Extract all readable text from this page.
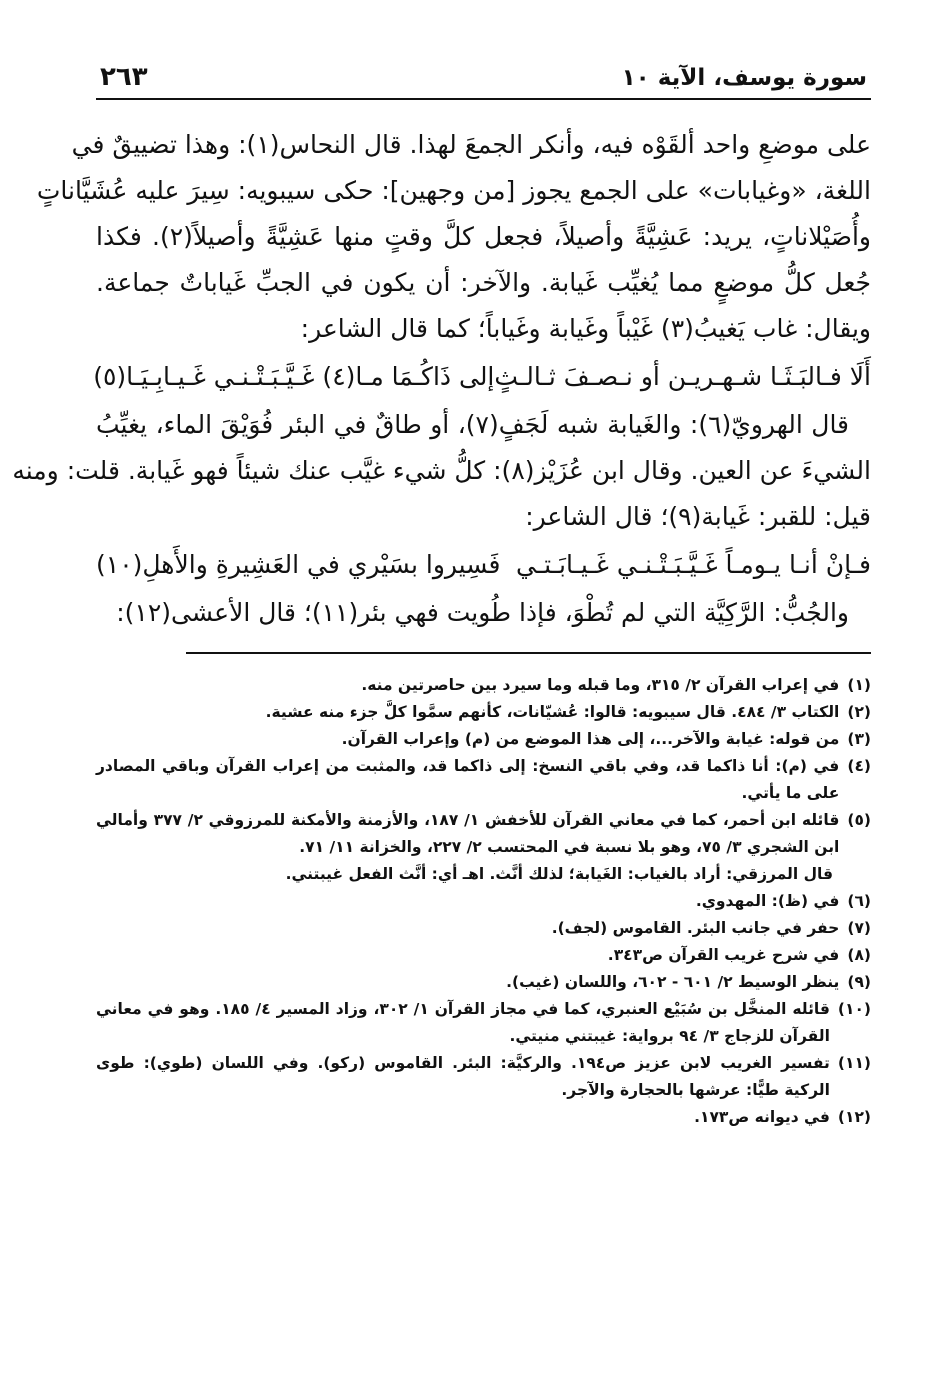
سورة يوسف، الآية ١٠
٢٦٣
على موضعِ واحد ألقَوْه فيه، وأنكر الجمعَ لهذا. قال النحاس(١): وهذا تضييقٌ في
اللغة، «وغيابات» على الجمع يجوز [من وجهين]: حكى سيبويه: سِيرَ عليه عُشَيَّاناتٍ
وأُصَيْلاناتٍ، يريد: عَشِيَّةً وأصيلاً، فجعل كلَّ وقتٍ منها عَشِيَّةً وأصيلاً(٢). فكذا
جُعل كلُّ موضعٍ مما يُغيِّب غَيابة. والآخر: أن يكون في الجبِّ غَياباتٌ جماعة.
ويقال: غاب يَغيبُ(٣) غَيْباً وغَيابة وغَياباً؛ كما قال الشاعر:
أَلَا فـالبَـثَـا شـهـريـن أو نـصـفَ ثـالـثٍ
إلى ذَاكُـمَا مـا(٤) غَـيَّـبَـتْـنـي غَـيـابِـيَـا(٥)
قال الهرويّ(٦): والغَيابة شبه لَجَفٍ(٧)، أو طاقٌ في البئر فُوَيْقَ الماء، يغيِّبُ
الشيءَ عن العين. وقال ابن عُزَيْز(٨): كلُّ شيء غيَّب عنك شيئاً فهو غَيابة. قلت: ومنه
قيل: للقبر: غَيابة(٩)؛ قال الشاعر:
فـإنْ أنـا يـومـاً غَـيَّـبَـتْـنـي غَـيـابَـتـي
فَسِيروا بسَيْري في العَشِيرةِ والأَهلِ(١٠)
والجُبُّ: الرَّكِيَّة التي لم تُطْوَ، فإذا طُويت فهي بئر(١١)؛ قال الأعشى(١٢):
(١)
في إعراب القرآن ٢/ ٣١٥، وما قبله وما سيرد بين حاصرتين منه.
(٢)
الكتاب ٣/ ٤٨٤. قال سيبويه: قالوا: عُشيّانات، كأنهم سمَّوا كلَّ جزء منه عشية.
(٣)
من قوله: غيابة والآخر...، إلى هذا الموضع من (م) وإعراب القرآن.
(٤)
في (م): أنا ذاكما قد، وفي باقي النسخ: إلى ذاكما قد، والمثبت من إعراب القرآن وباقي المصادر على ما يأتي.
(٥)
قائله ابن أحمر، كما في معاني القرآن للأخفش ١/ ١٨٧، والأزمنة والأمكنة للمرزوقي ٢/ ٣٧٧ وأمالي ابن الشجري ٣/ ٧٥، وهو بلا نسبة في المحتسب ٢/ ٢٢٧، والخزانة ١١/ ٧١.
قال المرزقي: أراد بالغياب: الغَيابة؛ لذلك أنَّث. اهـ أي: أنَّث الفعل غيبتني.
(٦)
في (ظ): المهدوي.
(٧)
حفر في جانب البئر. القاموس (لجف).
(٨)
في شرح غريب القرآن ص٣٤٣.
(٩)
ينظر الوسيط ٢/ ٦٠١ - ٦٠٢، واللسان (غيب).
(١٠)
قائله المنخَّل بن سُبَيْع العنبري، كما في مجاز القرآن ١/ ٣٠٢، وزاد المسير ٤/ ١٨٥. وهو في معاني القرآن للزجاج ٣/ ٩٤ برواية: غيبتني منيتي.
(١١)
تفسير الغريب لابن عزيز ص١٩٤. والركيَّة: البئر. القاموس (ركو). وفي اللسان (طوي): طوى الركية طيًّا: عرشها بالحجارة والآجر.
(١٢)
في ديوانه ص١٧٣.
